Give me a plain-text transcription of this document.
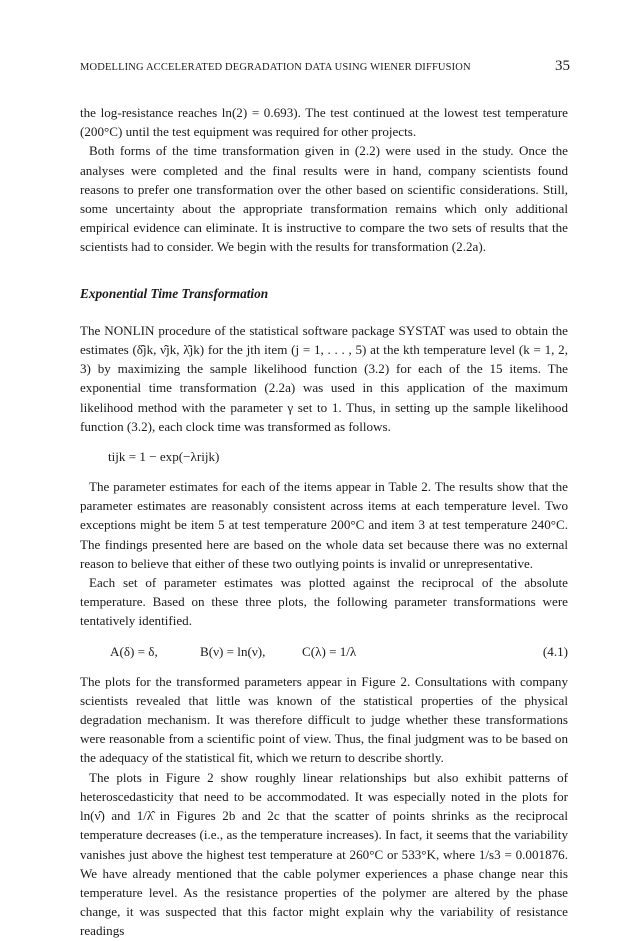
MODELLING ACCELERATED DEGRADATION DATA USING WIENER DIFFUSION	35

the log-resistance reaches ln(2) = 0.693). The test continued at the lowest test temperature (200°C) until the test equipment was required for other projects.

Both forms of the time transformation given in (2.2) were used in the study. Once the analyses were completed and the final results were in hand, company scientists found reasons to prefer one transformation over the other based on scientific considerations. Still, some uncertainty about the appropriate transformation remains which only additional empirical evidence can eliminate. It is instructive to compare the two sets of results that the scientists had to consider. We begin with the results for transformation (2.2a).

Exponential Time Transformation

The NONLIN procedure of the statistical software package SYSTAT was used to obtain the estimates (δ̂jk, ν̂jk, λ̂jk) for the jth item (j = 1, . . . , 5) at the kth temperature level (k = 1, 2, 3) by maximizing the sample likelihood function (3.2) for each of the 15 items. The exponential time transformation (2.2a) was used in this application of the maximum likelihood method with the parameter γ set to 1. Thus, in setting up the sample likelihood function (3.2), each clock time was transformed as follows.

tijk = 1 − exp(−λrijk)

The parameter estimates for each of the items appear in Table 2. The results show that the parameter estimates are reasonably consistent across items at each temperature level. Two exceptions might be item 5 at test temperature 200°C and item 3 at test temperature 240°C. The findings presented here are based on the whole data set because there was no external reason to believe that either of these two outlying points is invalid or unrepresentative.

Each set of parameter estimates was plotted against the reciprocal of the absolute temperature. Based on these three plots, the following parameter transformations were tentatively identified.

A(δ) = δ,	B(ν) = ln(ν),	C(λ) = 1/λ	(4.1)

The plots for the transformed parameters appear in Figure 2. Consultations with company scientists revealed that little was known of the statistical properties of the physical degradation mechanism. It was therefore difficult to judge whether these transformations were reasonable from a scientific point of view. Thus, the final judgment was to be based on the adequacy of the statistical fit, which we return to describe shortly.

The plots in Figure 2 show roughly linear relationships but also exhibit patterns of heteroscedasticity that need to be accommodated. It was especially noted in the plots for ln(ν̂) and 1/λ̂ in Figures 2b and 2c that the scatter of points shrinks as the reciprocal temperature decreases (i.e., as the temperature increases). In fact, it seems that the variability vanishes just above the highest test temperature at 260°C or 533°K, where 1/s3 = 0.001876. We have already mentioned that the cable polymer experiences a phase change near this temperature level. As the resistance properties of the polymer are altered by the phase change, it was suspected that this factor might explain why the variability of resistance readings
